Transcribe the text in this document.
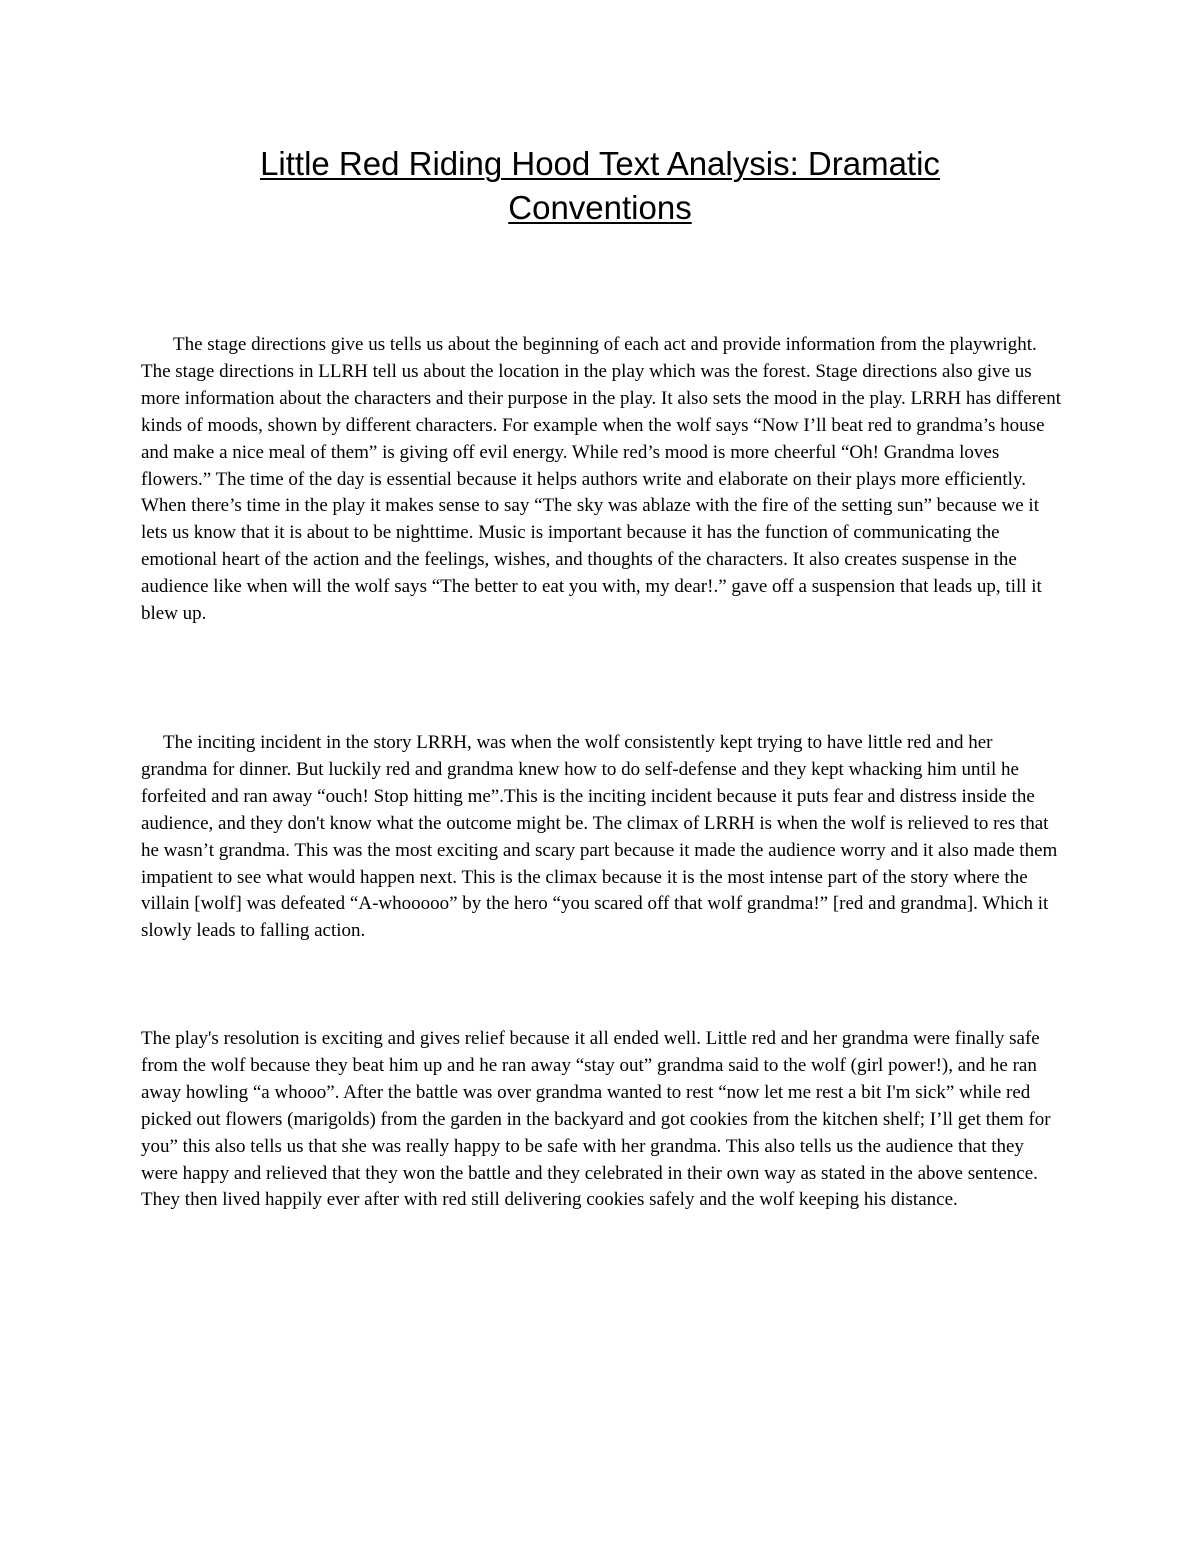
Little Red Riding Hood Text Analysis: Dramatic
Conventions

The stage directions give us tells us about the beginning of each act and provide information from the playwright. The stage directions in LLRH tell us about the location in the play which was the forest. Stage directions also give us more information about the characters and their purpose in the play. It also sets the mood in the play. LRRH has different kinds of moods, shown by different characters. For example when the wolf says “Now I’ll beat red to grandma’s house and make a nice meal of them” is giving off evil energy. While red’s mood is more cheerful “Oh! Grandma loves flowers.” The time of the day is essential because it helps authors write and elaborate on their plays more efficiently. When there’s time in the play it makes sense to say “The sky was ablaze with the fire of the setting sun” because we it lets us know that it is about to be nighttime. Music is important because it has the function of communicating the emotional heart of the action and the feelings, wishes, and thoughts of the characters. It also creates suspense in the audience like when will the wolf says “The better to eat you with, my dear!.” gave off a suspension that leads up, till it blew up.

The inciting incident in the story LRRH, was when the wolf consistently kept trying to have little red and her grandma for dinner. But luckily red and grandma knew how to do self-defense and they kept whacking him until he forfeited and ran away “ouch! Stop hitting me”.This is the inciting incident because it puts fear and distress inside the audience, and they don't know what the outcome might be. The climax of LRRH is when the wolf is relieved to res that he wasn’t grandma. This was the most exciting and scary part because it made the audience worry and it also made them impatient to see what would happen next. This is the climax because it is the most intense part of the story where the villain [wolf] was defeated “A-whooooo” by the hero “you scared off that wolf grandma!” [red and grandma]. Which it slowly leads to falling action.

The play's resolution is exciting and gives relief because it all ended well. Little red and her grandma were finally safe from the wolf because they beat him up and he ran away “stay out” grandma said to the wolf (girl power!), and he ran away howling “a whooo”. After the battle was over grandma wanted to rest “now let me rest a bit I'm sick” while red picked out flowers (marigolds) from the garden in the backyard and got cookies from the kitchen shelf; I’ll get them for you” this also tells us that she was really happy to be safe with her grandma. This also tells us the audience that they were happy and relieved that they won the battle and they celebrated in their own way as stated in the above sentence. They then lived happily ever after with red still delivering cookies safely and the wolf keeping his distance.
